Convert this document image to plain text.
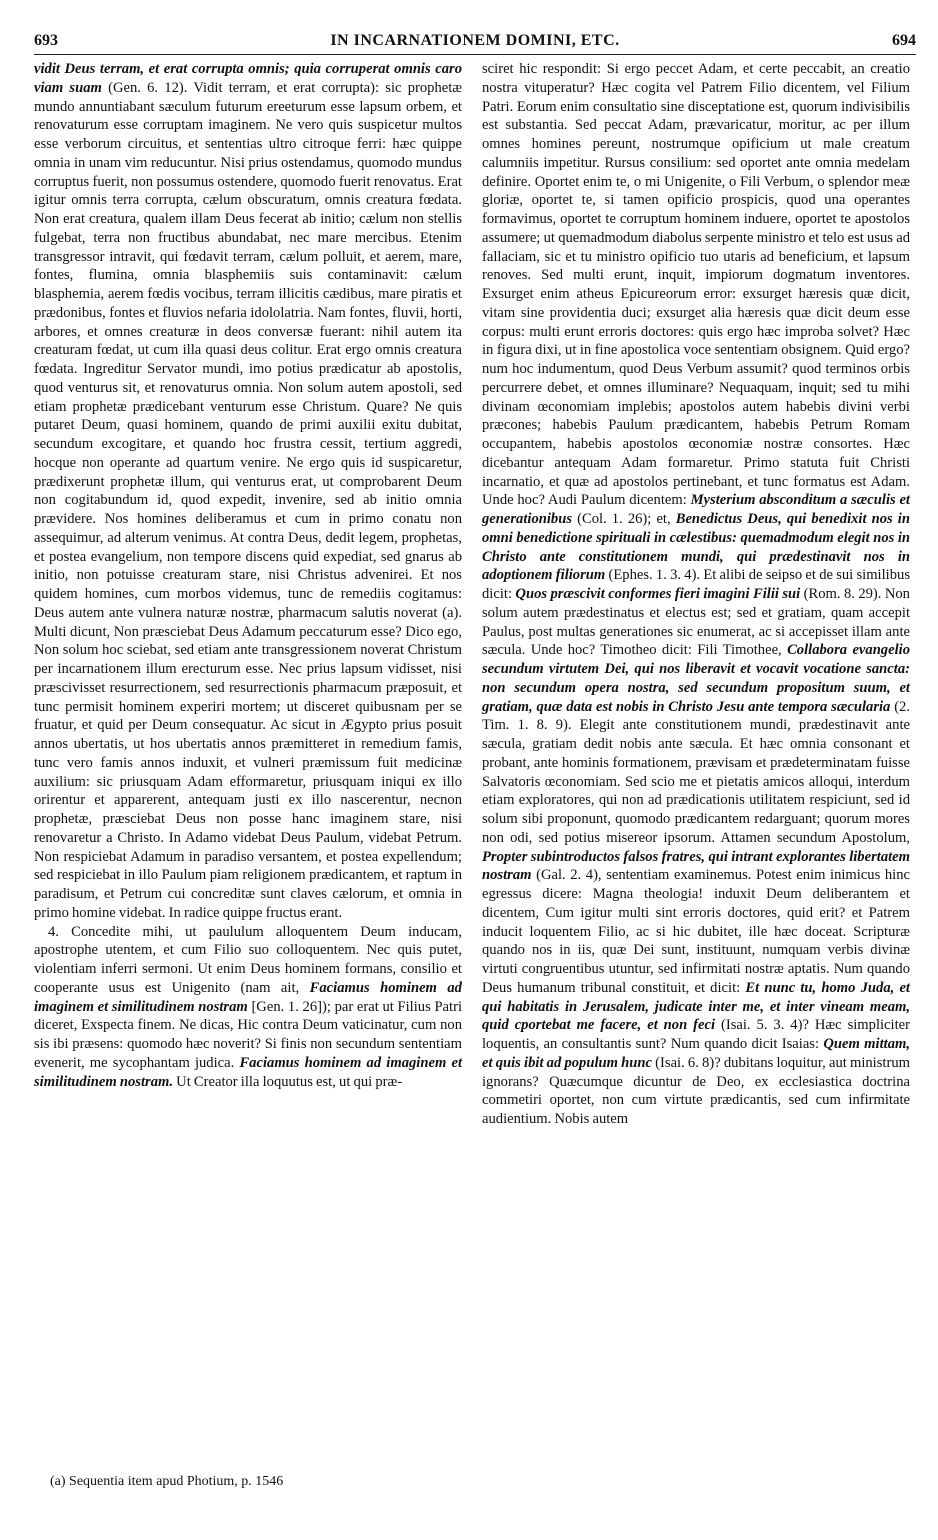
693	IN INCARNATIONEM DOMINI, ETC.	694

vidit Deus terram, et erat corrupta omnis; quia corruperat omnis caro viam suam (Gen. 6. 12). Vidit terram, et erat corrupta): sic prophetæ mundo annuntiabant sæculum futurum ereeturum esse lapsum orbem, et renovaturum esse corruptam imaginem. Ne vero quis suspicetur multos esse verborum circuitus, et sententias ultro citroque ferri: hæc quippe omnia in unam vim reducuntur. Nisi prius ostendamus, quomodo mundus corruptus fuerit, non possumus ostendere, quomodo fuerit renovatus. Erat igitur omnis terra corrupta, cælum obscuratum, omnis creatura fœdata. Non erat creatura, qualem illam Deus fecerat ab initio; cælum non stellis fulgebat, terra non fructibus abundabat, nec mare mercibus. Etenim transgressor intravit, qui fœdavit terram, cælum polluit, et aerem, mare, fontes, flumina, omnia blasphemiis suis contaminavit: cælum blasphemia, aerem fœdis vocibus, terram illicitis cædibus, mare piratis et prædonibus, fontes et fluvios nefaria idololatria. Nam fontes, fluvii, horti, arbores, et omnes creaturæ in deos conversæ fuerant: nihil autem ita creaturam fœdat, ut cum illa quasi deus colitur. Erat ergo omnis creatura fœdata. Ingreditur Servator mundi, imo potius prædicatur ab apostolis, quod venturus sit, et renovaturus omnia. Non solum autem apostoli, sed etiam prophetæ prædicebant venturum esse Christum. Quare? Ne quis putaret Deum, quasi hominem, quando de primi auxilii exitu dubitat, secundum excogitare, et quando hoc frustra cessit, tertium aggredi, hocque non operante ad quartum venire. Ne ergo quis id suspicaretur, prædixerunt prophetæ illum, qui venturus erat, ut comprobarent Deum non cogitabundum id, quod expedit, invenire, sed ab initio omnia prævidere. Nos homines deliberamus et cum in primo conatu non assequimur, ad alterum venimus. At contra Deus, dedit legem, prophetas, et postea evangelium, non tempore discens quid expediat, sed gnarus ab initio, non potuisse creaturam stare, nisi Christus advenirei. Et nos quidem homines, cum morbos videmus, tunc de remediis cogitamus: Deus autem ante vulnera naturæ nostræ, pharmacum salutis noverat (a). Multi dicunt, Non præsciebat Deus Adamum peccaturum esse? Dico ego, Non solum hoc sciebat, sed etiam ante transgressionem noverat Christum per incarnationem illum erecturum esse. Nec prius lapsum vidisset, nisi præscivisset resurrectionem, sed resurrectionis pharmacum præposuit, et tunc permisit hominem experiri mortem; ut disceret quibusnam per se fruatur, et quid per Deum consequatur. Ac sicut in Ægypto prius posuit annos ubertatis, ut hos ubertatis annos præmitteret in remedium famis, tunc vero famis annos induxit, et vulneri præmissum fuit medicinæ auxilium: sic priusquam Adam efformaretur, priusquam iniqui ex illo orirentur et apparerent, antequam justi ex illo nascerentur, necnon prophetæ, præsciebat Deus non posse hanc imaginem stare, nisi renovaretur a Christo. In Adamo videbat Deus Paulum, videbat Petrum. Non respiciebat Adamum in paradiso versantem, et postea expellendum; sed respiciebat in illo Paulum piam religionem prædicantem, et raptum in paradisum, et Petrum cui concreditæ sunt claves cælorum, et omnia in primo homine videbat. In radice quippe fructus erant.

4. Concedite mihi, ut paululum alloquentem Deum inducam, apostrophe utentem, et cum Filio suo colloquentem. Nec quis putet, violentiam inferri sermoni. Ut enim Deus hominem formans, consilio et cooperante usus est Unigenito (nam ait, Faciamus hominem ad imaginem et similitudinem nostram [Gen. 1. 26]); par erat ut Filius Patri diceret, Exspecta finem. Ne dicas, Hic contra Deum vaticinatur, cum non sis ibi præsens: quomodo hæc noverit? Si finis non secundum sententiam evenerit, me sycophantam judica. Faciamus hominem ad imaginem et similitudinem nostram. Ut Creator illa loquutus est, ut qui præ-

sciret hic respondit: Si ergo peccet Adam, et certe peccabit, an creatio nostra vituperatur? Hæc cogita vel Patrem Filio dicentem, vel Filium Patri. Eorum enim consultatio sine disceptatione est, quorum indivisibilis est substantia. Sed peccat Adam, prævaricatur, moritur, ac per illum omnes homines pereunt, nostrumque opificium ut male creatum calumniis impetitur. Rursus consilium: sed oportet ante omnia medelam definire. Oportet enim te, o mi Unigenite, o Fili Verbum, o splendor meæ gloriæ, oportet te, si tamen opificio prospicis, quod una operantes formavimus, oportet te corruptum hominem induere, oportet te apostolos assumere; ut quemadmodum diabolus serpente ministro et telo est usus ad fallaciam, sic et tu ministro opificio tuo utaris ad beneficium, et lapsum renoves. Sed multi erunt, inquit, impiorum dogmatum inventores. Exsurget enim atheus Epicureorum error: exsurget hæresis quæ dicit, vitam sine providentia duci; exsurget alia hæresis quæ dicit deum esse corpus: multi erunt erroris doctores: quis ergo hæc improba solvet? Hæc in figura dixi, ut in fine apostolica voce sententiam obsignem. Quid ergo? num hoc indumentum, quod Deus Verbum assumit? quod terminos orbis percurrere debet, et omnes illuminare? Nequaquam, inquit; sed tu mihi divinam œconomiam implebis; apostolos autem habebis divini verbi præcones; habebis Paulum prædicantem, habebis Petrum Romam occupantem, habebis apostolos œconomiæ nostræ consortes. Hæc dicebantur antequam Adam formaretur. Primo statuta fuit Christi incarnatio, et quæ ad apostolos pertinebant, et tunc formatus est Adam. Unde hoc? Audi Paulum dicentem: Mysterium absconditum a sæculis et generationibus (Col. 1. 26); et, Benedictus Deus, qui benedixit nos in omni benedictione spirituali in cælestibus: quemadmodum elegit nos in Christo ante constitutionem mundi, qui prædestinavit nos in adoptionem filiorum (Ephes. 1. 3. 4). Et alibi de seipso et de sui similibus dicit: Quos præscivit conformes fieri imagini Filii sui (Rom. 8. 29). Non solum autem prædestinatus et electus est; sed et gratiam, quam accepit Paulus, post multas generationes sic enumerat, ac si accepisset illam ante sæcula. Unde hoc? Timotheo dicit: Fili Timothee, Collabora evangelio secundum virtutem Dei, qui nos liberavit et vocavit vocatione sancta: non secundum opera nostra, sed secundum propositum suum, et gratiam, quæ data est nobis in Christo Jesu ante tempora sæcularia (2. Tim. 1. 8. 9). Elegit ante constitutionem mundi, prædestinavit ante sæcula, gratiam dedit nobis ante sæcula. Et hæc omnia consonant et probant, ante hominis formationem, prævisam et prædeterminatam fuisse Salvatoris œconomiam. Sed scio me et pietatis amicos alloqui, interdum etiam exploratores, qui non ad prædicationis utilitatem respiciunt, sed id solum sibi proponunt, quomodo prædicantem redarguant; quorum mores non odi, sed potius misereor ipsorum. Attamen secundum Apostolum, Propter subintroductos falsos fratres, qui intrant explorantes libertatem nostram (Gal. 2. 4), sententiam examinemus. Potest enim inimicus hinc egressus dicere: Magna theologia! induxit Deum deliberantem et dicentem, Cum igitur multi sint erroris doctores, quid erit? et Patrem inducit loquentem Filio, ac si hic dubitet, ille hæc doceat. Scripturæ quando nos in iis, quæ Dei sunt, instituunt, numquam verbis divinæ virtuti congruentibus utuntur, sed infirmitati nostræ aptatis. Num quando Deus humanum tribunal constituit, et dicit: Et nunc tu, homo Juda, et qui habitatis in Jerusalem, judicate inter me, et inter vineam meam, quid cportebat me facere, et non feci (Isai. 5. 3. 4)? Hæc simpliciter loquentis, an consultantis sunt? Num quando dicit Isaias: Quem mittam, et quis ibit ad populum hunc (Isai. 6. 8)? dubitans loquitur, aut ministrum ignorans? Quæcumque dicuntur de Deo, ex ecclesiastica doctrina commetiri oportet, non cum virtute prædicantis, sed cum infirmitate audientium. Nobis autem

(a) Sequentia item apud Photium, p. 1546
